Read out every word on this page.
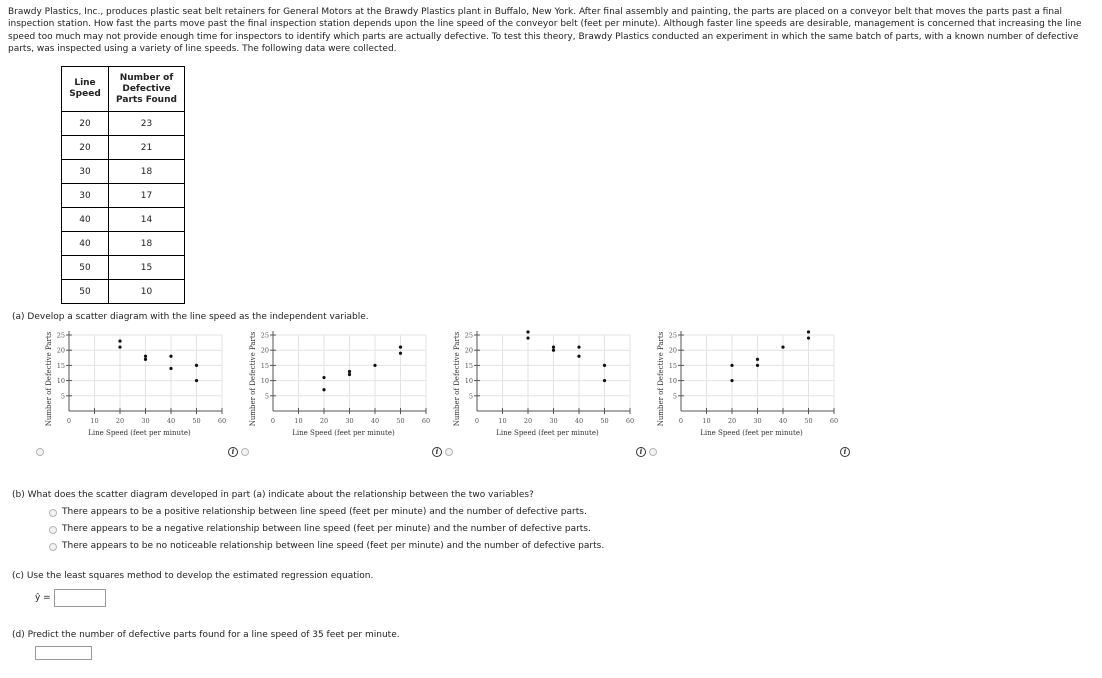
Brawdy Plastics, Inc., produces plastic seat belt retainers for General Motors at the Brawdy Plastics plant in Buffalo, New York. After final assembly and painting, the parts are placed on a conveyor belt that moves the parts past a final inspection station. How fast the parts move past the final inspection station depends upon the line speed of the conveyor belt (feet per minute). Although faster line speeds are desirable, management is concerned that increasing the line speed too much may not provide enough time for inspectors to identify which parts are actually defective. To test this theory, Brawdy Plastics conducted an experiment in which the same batch of parts, with a known number of defective parts, was inspected using a variety of line speeds. The following data were collected.
Line Speed	Number of Defective Parts Found
20	23
20	21
30	18
30	17
40	14
40	18
50	15
50	10
(a) Develop a scatter diagram with the line speed as the independent variable.
5
10
15
20
25
0	10	20	30	40	50	60
Line Speed (feet per minute)
Number of Defective Parts	5
10
15
20
25
0	10	20	30	40	50	60
Line Speed (feet per minute)
Number of Defective Parts	5
10
15
20
25
0	10	20	30	40	50	60
Line Speed (feet per minute)
Number of Defective Parts	5
10
15
20
25
0	10	20	30	40	50	60
Line Speed (feet per minute)
Number of Defective Parts
i	i	i	i
(b) What does the scatter diagram developed in part (a) indicate about the relationship between the two variables?
There appears to be a positive relationship between line speed (feet per minute) and the number of defective parts.
There appears to be a negative relationship between line speed (feet per minute) and the number of defective parts.
There appears to be no noticeable relationship between line speed (feet per minute) and the number of defective parts.
(c) Use the least squares method to develop the estimated regression equation.
ŷ =
(d) Predict the number of defective parts found for a line speed of 35 feet per minute.
